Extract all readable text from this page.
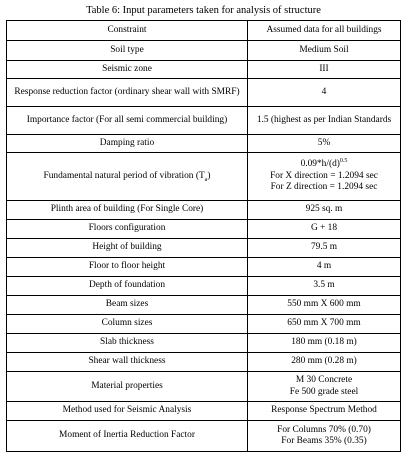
Table 6: Input parameters taken for analysis of structure
Constraint	Assumed data for all buildings
Soil type	Medium Soil
Seismic zone	III
Response reduction factor (ordinary shear wall with SMRF)	4
Importance factor (For all semi commercial building)	1.5 (highest as per Indian Standards
Damping ratio	5%
Fundamental natural period of vibration $(T_a)$	$0.09*h/(d)^{0.5}$
For X direction = 1.2094 sec
For Z direction = 1.2094 sec

Plinth area of building (For Single Core)	925 sq. m
Floors configuration	G + 18
Height of building	79.5 m
Floor to floor height	4 m
Depth of foundation	3.5 m
Beam sizes	550 mm X 600 mm
Column sizes	650 mm X 700 mm
Slab thickness	180 mm (0.18 m)
Shear wall thickness	280 mm (0.28 m)
Material properties	M 30 Concrete
Fe 500 grade steel

Method used for Seismic Analysis	Response Spectrum Method
Moment of Inertia Reduction Factor	For Columns 70% (0.70)
For Beams 35% (0.35)
